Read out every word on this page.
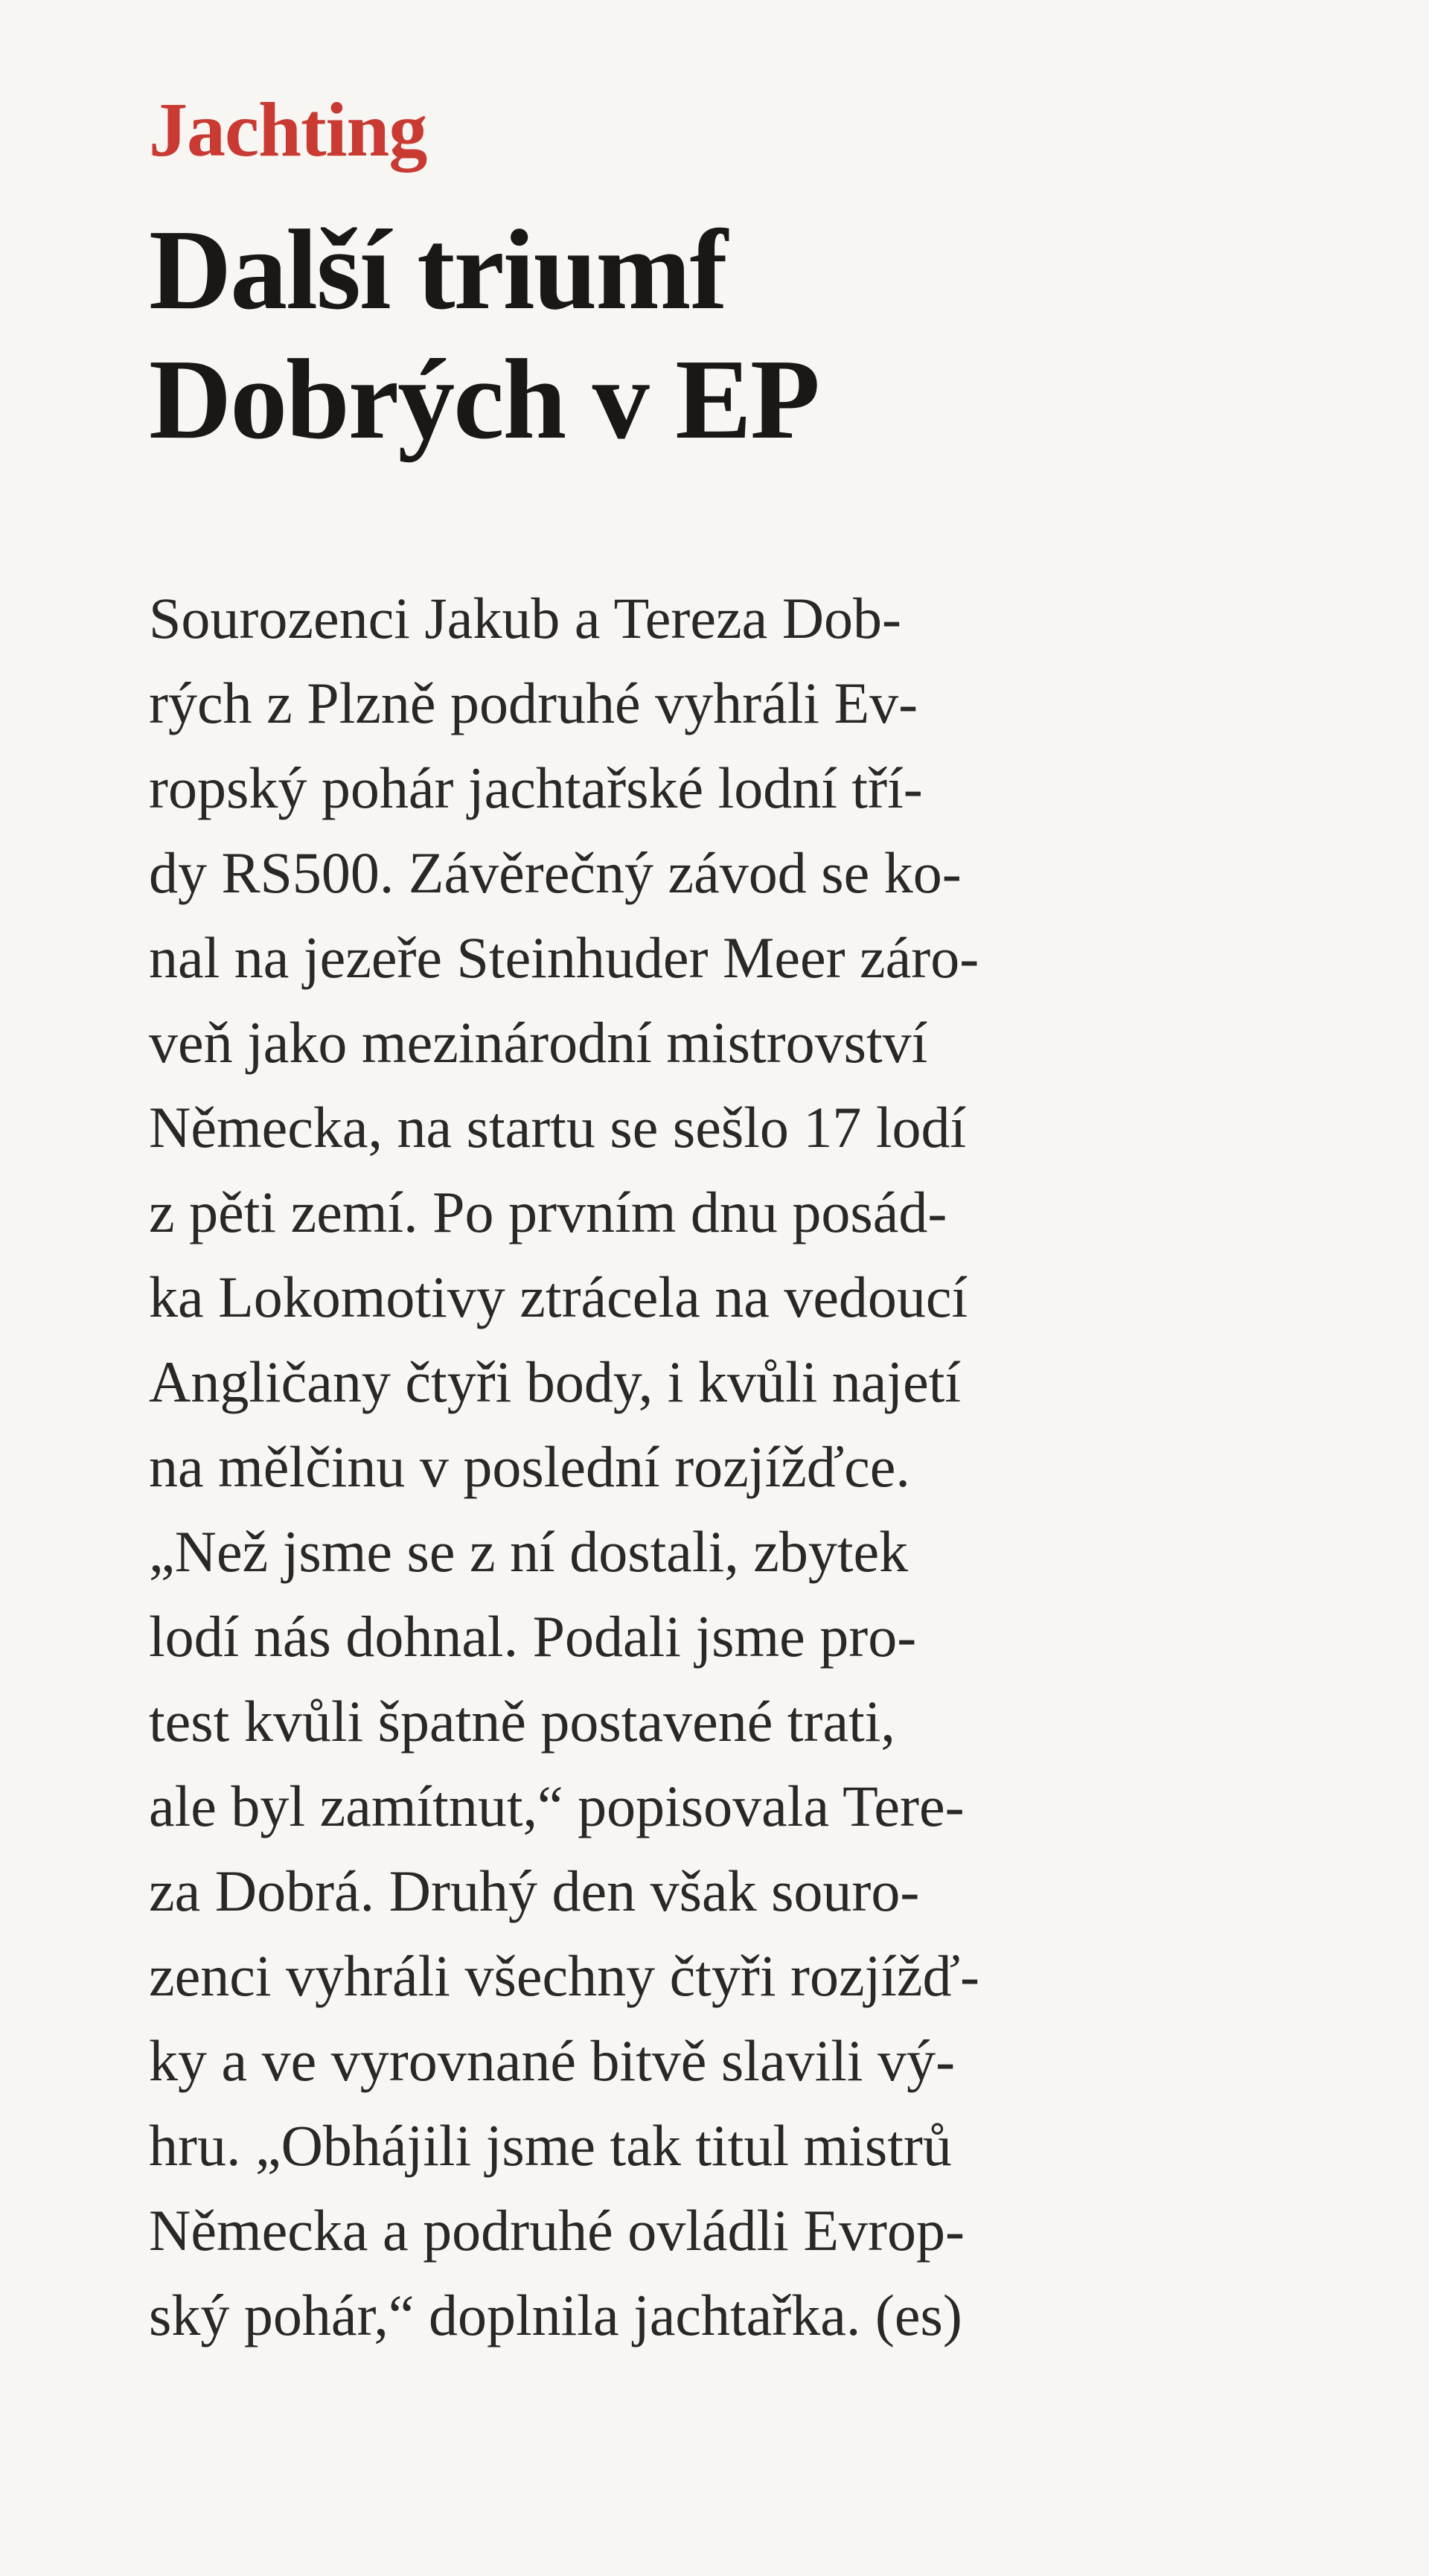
Jachting
Další triumf
Dobrých v EP
Sourozenci Jakub a Tereza Dob-
rých z Plzně podruhé vyhráli Ev-
ropský pohár jachtařské lodní tří-
dy RS500. Závěrečný závod se ko-
nal na jezeře Steinhuder Meer záro-
veň jako mezinárodní mistrovství
Německa, na startu se sešlo 17 lodí
z pěti zemí. Po prvním dnu posád-
ka Lokomotivy ztrácela na vedoucí
Angličany čtyři body, i kvůli najetí
na mělčinu v poslední rozjížďce.
„Než jsme se z ní dostali, zbytek
lodí nás dohnal. Podali jsme pro-
test kvůli špatně postavené trati,
ale byl zamítnut,“ popisovala Tere-
za Dobrá. Druhý den však souro-
zenci vyhráli všechny čtyři rozjížď-
ky a ve vyrovnané bitvě slavili vý-
hru. „Obhájili jsme tak titul mistrů
Německa a podruhé ovládli Evrop-
ský pohár,“ doplnila jachtařka. (es)
